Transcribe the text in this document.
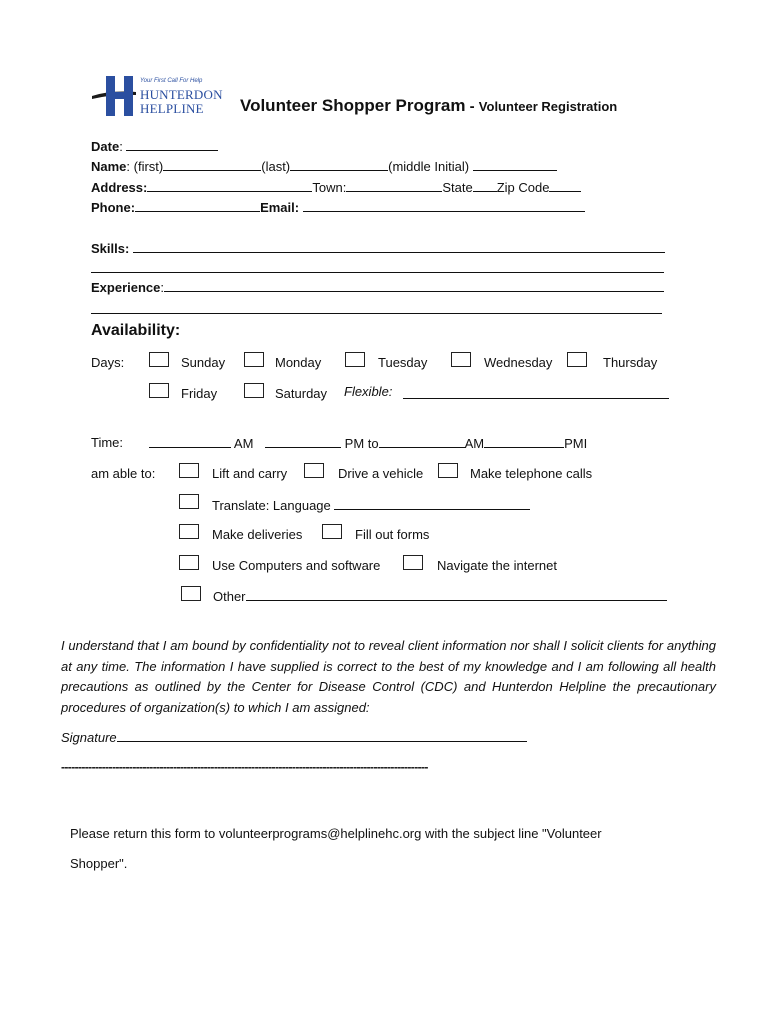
Your First Call For Help
HUNTERDON
HELPLINE Volunteer Shopper Program - Volunteer Registration
Date:
Name: (first)	(last)	(middle Initial)
Address:	Town:	State Zip Code
Phone:	Email:
Skills:
Experience:
Availability:
Days:	Sunday	Monday	Tuesday	Wednesday	Thursday
Friday	Saturday Flexible:
Time:	AM	PM to	AM	PMI
am able to:	Lift and carry	Drive a vehicle	Make telephone calls
Translate: Language
Make deliveries	Fill out forms
Use Computers and software	Navigate the internet
Other
I understand that I am bound by confidentiality not to reveal client information nor shall I solicit clients for anything at any time. The information I have supplied is correct to the best of my knowledge and I am following all health precautions as outlined by the Center for Disease Control (CDC) and Hunterdon Helpline the precautionary procedures of organization(s) to which I am assigned:
Signature
------------------------------------------------------------------------------------------------------------
Please return this form to volunteerprograms@helplinehc.org with the subject line "Volunteer
Shopper".
